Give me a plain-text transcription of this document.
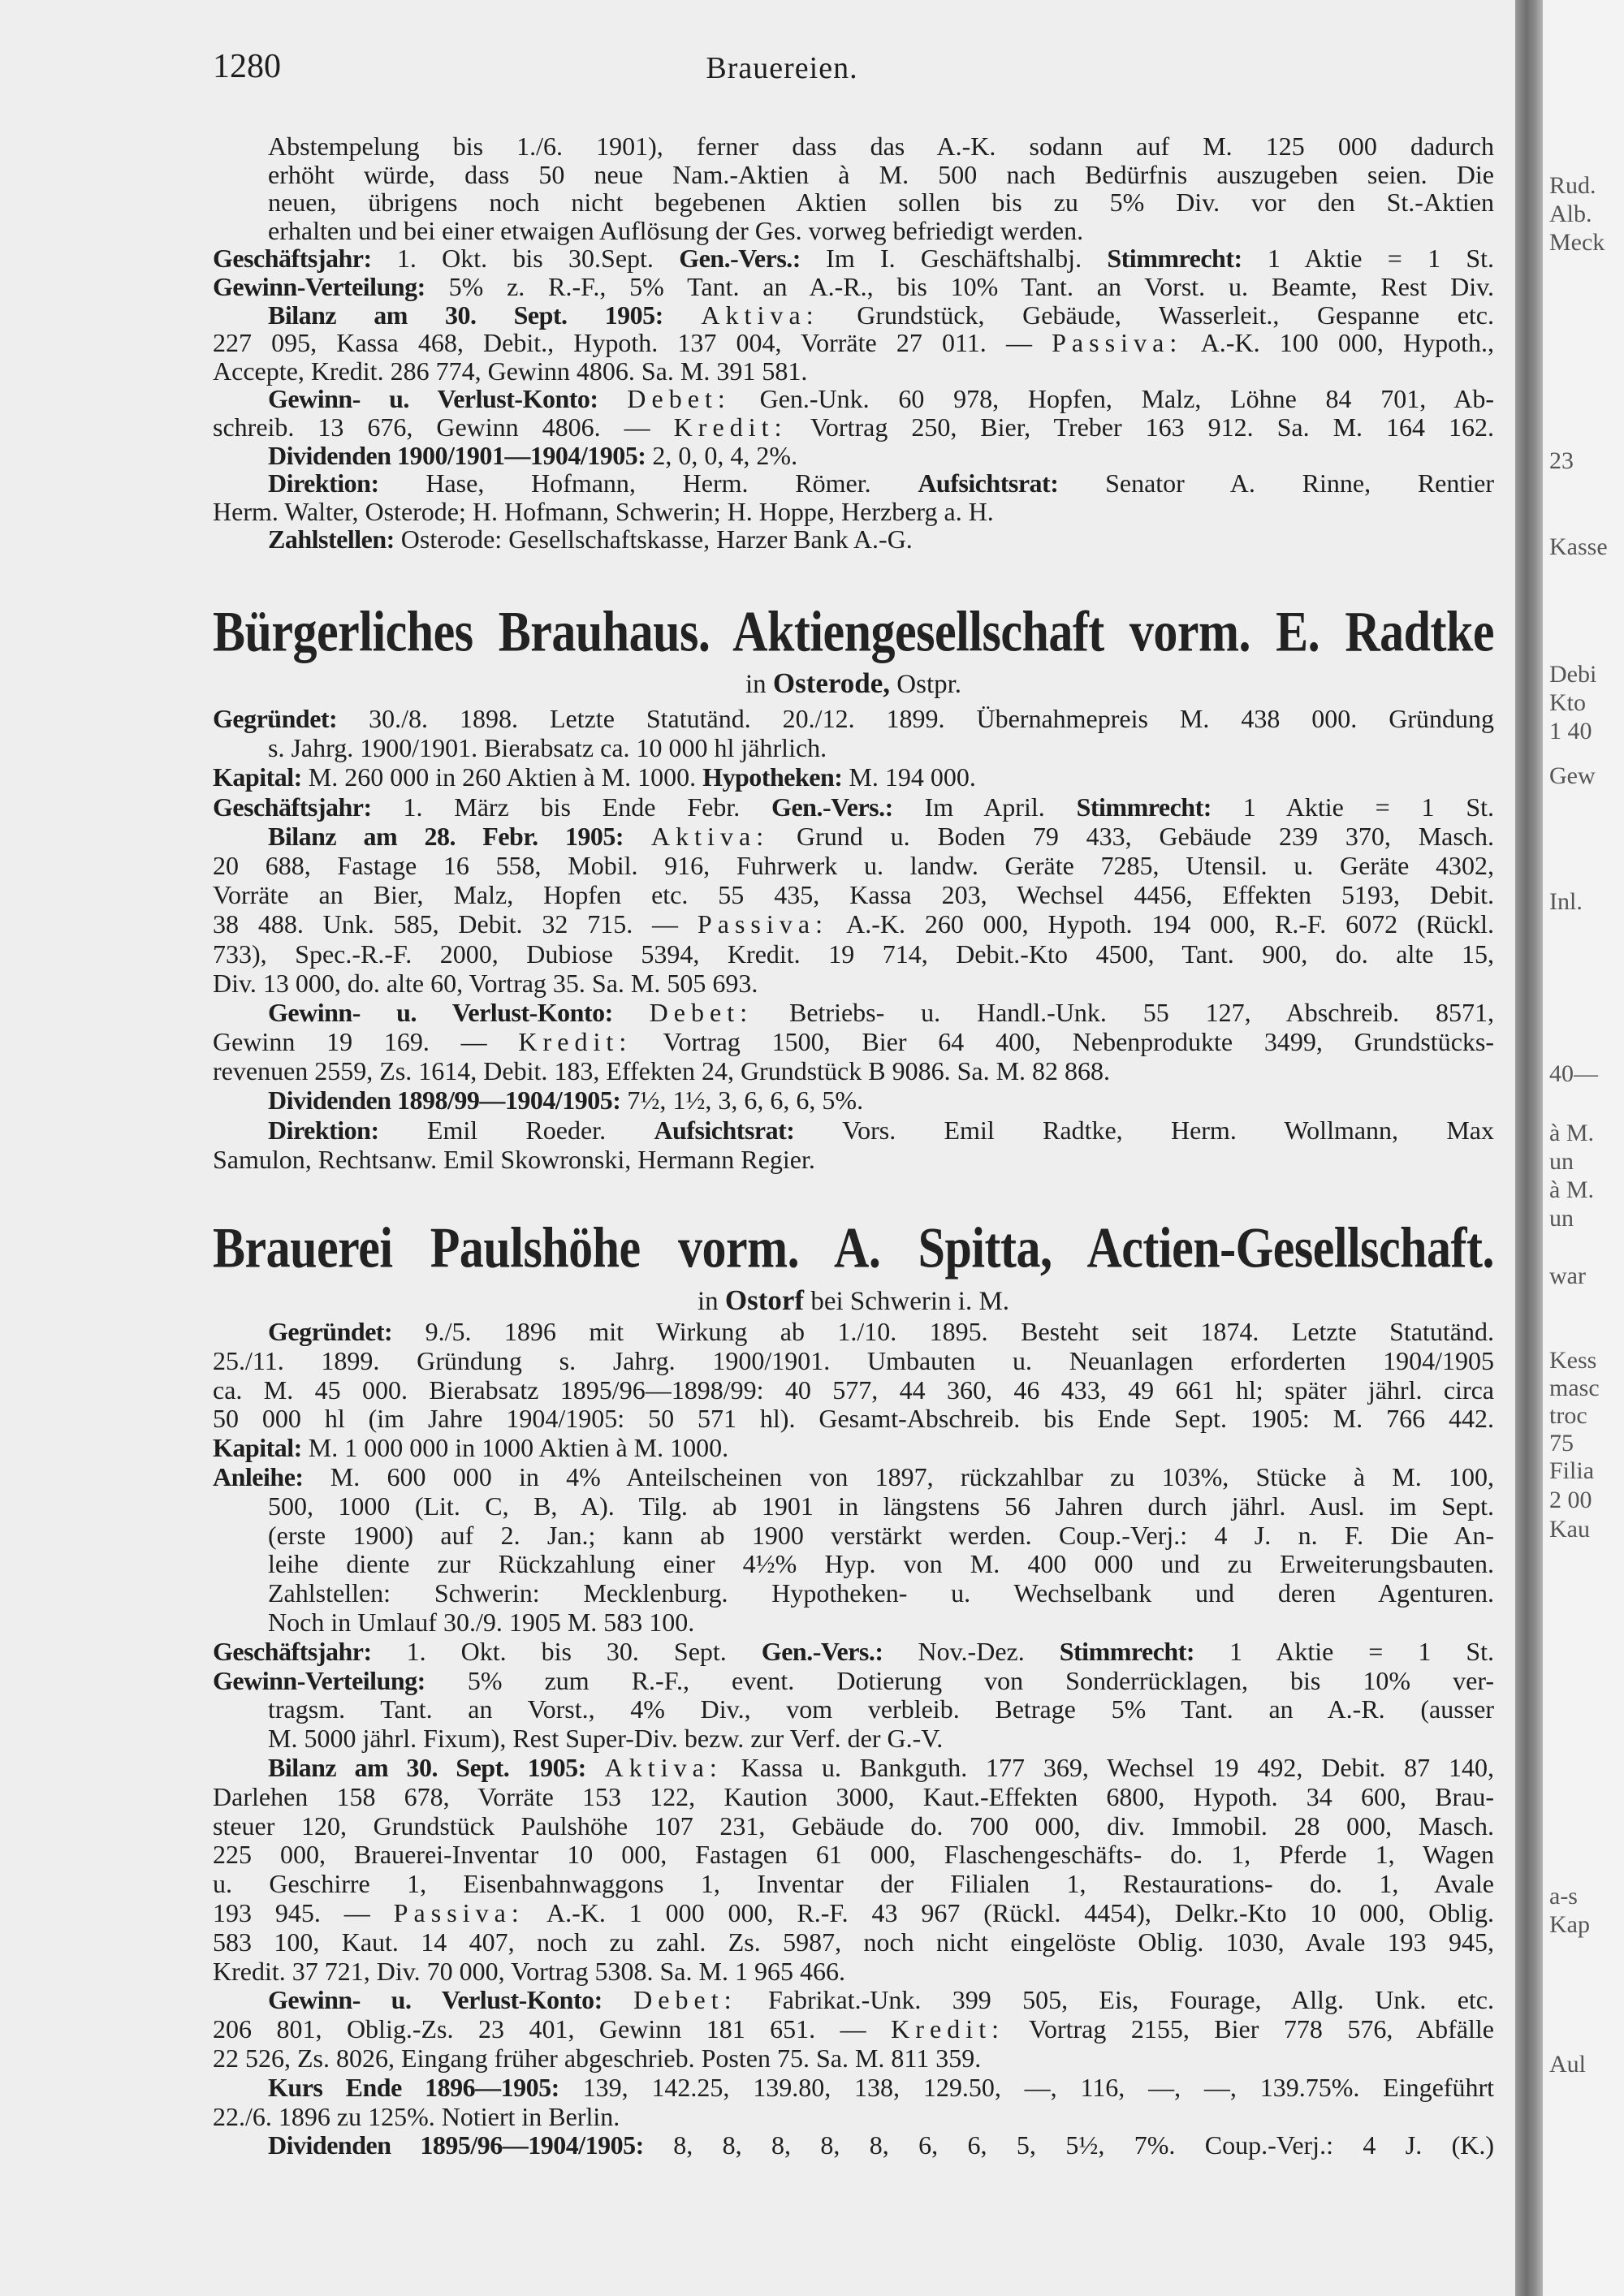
1280	Brauereien.
Abstempelung bis 1./6. 1901), ferner dass das A.-K. sodann auf M. 125 000 dadurch
erhöht würde, dass 50 neue Nam.-Aktien à M. 500 nach Bedürfnis auszugeben seien. Die
neuen, übrigens noch nicht begebenen Aktien sollen bis zu 5% Div. vor den St.-Aktien
erhalten und bei einer etwaigen Auflösung der Ges. vorweg befriedigt werden.
Geschäftsjahr: 1. Okt. bis 30.Sept. Gen.-Vers.: Im I. Geschäftshalbj. Stimmrecht: 1 Aktie = 1 St.
Gewinn-Verteilung: 5% z. R.-F., 5% Tant. an A.-R., bis 10% Tant. an Vorst. u. Beamte, Rest Div.
Bilanz am 30. Sept. 1905: Aktiva: Grundstück, Gebäude, Wasserleit., Gespanne etc.
227 095, Kassa 468, Debit., Hypoth. 137 004, Vorräte 27 011. — Passiva: A.-K. 100 000, Hypoth.,
Accepte, Kredit. 286 774, Gewinn 4806. Sa. M. 391 581.
Gewinn- u. Verlust-Konto: Debet: Gen.-Unk. 60 978, Hopfen, Malz, Löhne 84 701, Ab-
schreib. 13 676, Gewinn 4806. — Kredit: Vortrag 250, Bier, Treber 163 912. Sa. M. 164 162.
Dividenden 1900/1901—1904/1905: 2, 0, 0, 4, 2%.
Direktion: Hase, Hofmann, Herm. Römer. Aufsichtsrat: Senator A. Rinne, Rentier
Herm. Walter, Osterode; H. Hofmann, Schwerin; H. Hoppe, Herzberg a. H.
Zahlstellen: Osterode: Gesellschaftskasse, Harzer Bank A.-G.
Bürgerliches Brauhaus. Aktiengesellschaft vorm. E. Radtke
in Osterode, Ostpr.
Gegründet: 30./8. 1898. Letzte Statutänd. 20./12. 1899. Übernahmepreis M. 438 000. Gründung
s. Jahrg. 1900/1901. Bierabsatz ca. 10 000 hl jährlich.
Kapital: M. 260 000 in 260 Aktien à M. 1000. Hypotheken: M. 194 000.
Geschäftsjahr: 1. März bis Ende Febr. Gen.-Vers.: Im April. Stimmrecht: 1 Aktie = 1 St.
Bilanz am 28. Febr. 1905: Aktiva: Grund u. Boden 79 433, Gebäude 239 370, Masch.
20 688, Fastage 16 558, Mobil. 916, Fuhrwerk u. landw. Geräte 7285, Utensil. u. Geräte 4302,
Vorräte an Bier, Malz, Hopfen etc. 55 435, Kassa 203, Wechsel 4456, Effekten 5193, Debit.
38 488. Unk. 585, Debit. 32 715. — Passiva: A.-K. 260 000, Hypoth. 194 000, R.-F. 6072 (Rückl.
733), Spec.-R.-F. 2000, Dubiose 5394, Kredit. 19 714, Debit.-Kto 4500, Tant. 900, do. alte 15,
Div. 13 000, do. alte 60, Vortrag 35. Sa. M. 505 693.
Gewinn- u. Verlust-Konto: Debet: Betriebs- u. Handl.-Unk. 55 127, Abschreib. 8571,
Gewinn 19 169. — Kredit: Vortrag 1500, Bier 64 400, Nebenprodukte 3499, Grundstücks-
revenuen 2559, Zs. 1614, Debit. 183, Effekten 24, Grundstück B 9086. Sa. M. 82 868.
Dividenden 1898/99—1904/1905: 7½, 1½, 3, 6, 6, 6, 5%.
Direktion: Emil Roeder. Aufsichtsrat: Vors. Emil Radtke, Herm. Wollmann, Max
Samulon, Rechtsanw. Emil Skowronski, Hermann Regier.
Brauerei Paulshöhe vorm. A. Spitta, Actien-Gesellschaft.
in Ostorf bei Schwerin i. M.
Gegründet: 9./5. 1896 mit Wirkung ab 1./10. 1895. Besteht seit 1874. Letzte Statutänd.
25./11. 1899. Gründung s. Jahrg. 1900/1901. Umbauten u. Neuanlagen erforderten 1904/1905
ca. M. 45 000. Bierabsatz 1895/96—1898/99: 40 577, 44 360, 46 433, 49 661 hl; später jährl. circa
50 000 hl (im Jahre 1904/1905: 50 571 hl). Gesamt-Abschreib. bis Ende Sept. 1905: M. 766 442.
Kapital: M. 1 000 000 in 1000 Aktien à M. 1000.
Anleihe: M. 600 000 in 4% Anteilscheinen von 1897, rückzahlbar zu 103%, Stücke à M. 100,
500, 1000 (Lit. C, B, A). Tilg. ab 1901 in längstens 56 Jahren durch jährl. Ausl. im Sept.
(erste 1900) auf 2. Jan.; kann ab 1900 verstärkt werden. Coup.-Verj.: 4 J. n. F. Die An-
leihe diente zur Rückzahlung einer 4½% Hyp. von M. 400 000 und zu Erweiterungsbauten.
Zahlstellen: Schwerin: Mecklenburg. Hypotheken- u. Wechselbank und deren Agenturen.
Noch in Umlauf 30./9. 1905 M. 583 100.
Geschäftsjahr: 1. Okt. bis 30. Sept. Gen.-Vers.: Nov.-Dez. Stimmrecht: 1 Aktie = 1 St.
Gewinn-Verteilung: 5% zum R.-F., event. Dotierung von Sonderrücklagen, bis 10% ver-
tragsm. Tant. an Vorst., 4% Div., vom verbleib. Betrage 5% Tant. an A.-R. (ausser
M. 5000 jährl. Fixum), Rest Super-Div. bezw. zur Verf. der G.-V.
Bilanz am 30. Sept. 1905: Aktiva: Kassa u. Bankguth. 177 369, Wechsel 19 492, Debit. 87 140,
Darlehen 158 678, Vorräte 153 122, Kaution 3000, Kaut.-Effekten 6800, Hypoth. 34 600, Brau-
steuer 120, Grundstück Paulshöhe 107 231, Gebäude do. 700 000, div. Immobil. 28 000, Masch.
225 000, Brauerei-Inventar 10 000, Fastagen 61 000, Flaschengeschäfts- do. 1, Pferde 1, Wagen
u. Geschirre 1, Eisenbahnwaggons 1, Inventar der Filialen 1, Restaurations- do. 1, Avale
193 945. — Passiva: A.-K. 1 000 000, R.-F. 43 967 (Rückl. 4454), Delkr.-Kto 10 000, Oblig.
583 100, Kaut. 14 407, noch zu zahl. Zs. 5987, noch nicht eingelöste Oblig. 1030, Avale 193 945,
Kredit. 37 721, Div. 70 000, Vortrag 5308. Sa. M. 1 965 466.
Gewinn- u. Verlust-Konto: Debet: Fabrikat.-Unk. 399 505, Eis, Fourage, Allg. Unk. etc.
206 801, Oblig.-Zs. 23 401, Gewinn 181 651. — Kredit: Vortrag 2155, Bier 778 576, Abfälle
22 526, Zs. 8026, Eingang früher abgeschrieb. Posten 75. Sa. M. 811 359.
Kurs Ende 1896—1905: 139, 142.25, 139.80, 138, 129.50, —, 116, —, —, 139.75%. Eingeführt
22./6. 1896 zu 125%. Notiert in Berlin.
Dividenden 1895/96—1904/1905: 8, 8, 8, 8, 8, 6, 6, 5, 5½, 7%. Coup.-Verj.: 4 J. (K.)
Rud.
Alb.
Meck
23
Kasse
Debi
Kto
1 40
Gew
Inl.
40—
à M.
un
à M.
un
war
Kess
masc
troc
75
Filia
2 00
Kau
a-s
Kap
Aul
